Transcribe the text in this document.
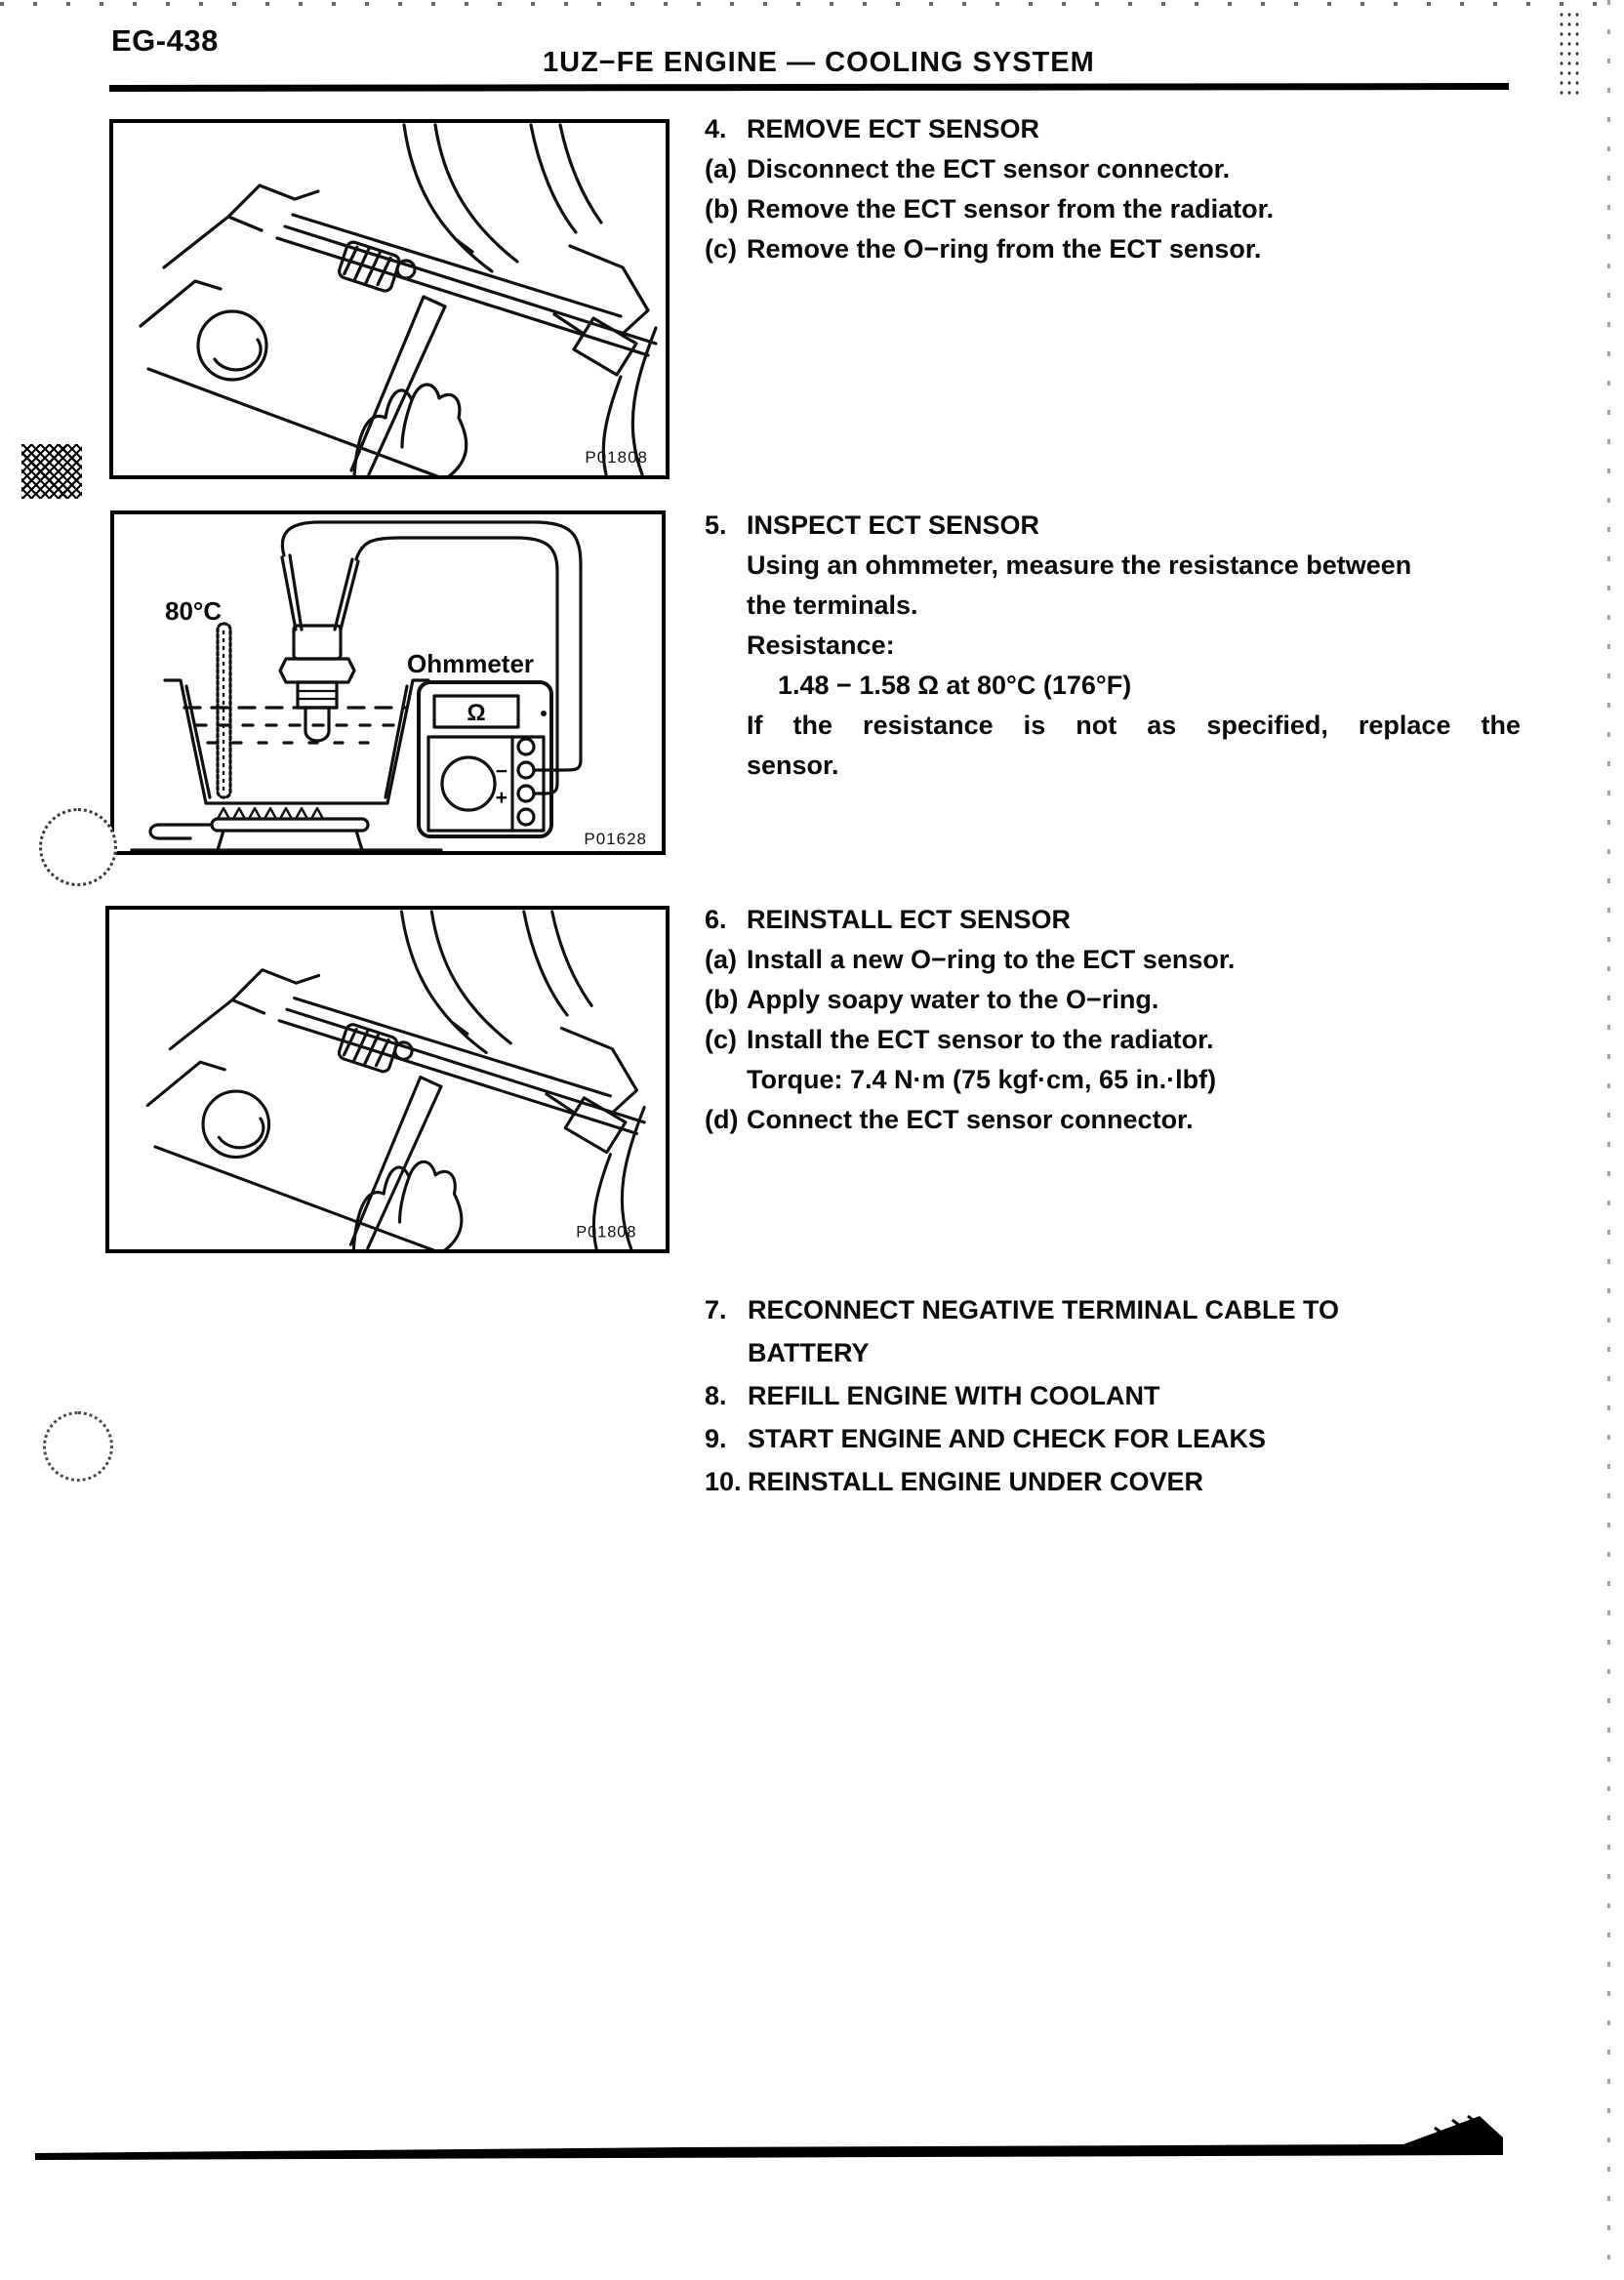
EG-438
1UZ−FE ENGINE — COOLING SYSTEM
P01808
80°C
Ohmmeter
Ω
−
+
P01628
P01808
4. REMOVE ECT SENSOR
(a) Disconnect the ECT sensor connector.
(b) Remove the ECT sensor from the radiator.
(c) Remove the O−ring from the ECT sensor.
5. INSPECT ECT SENSOR
Using an ohmmeter, measure the resistance between
the terminals.
Resistance:
1.48 − 1.58 Ω at 80°C (176°F)
If the resistance is not as specified, replace the
sensor.
6. REINSTALL ECT SENSOR
(a) Install a new O−ring to the ECT sensor.
(b) Apply soapy water to the O−ring.
(c) Install the ECT sensor to the radiator.
Torque: 7.4 N·m (75 kgf·cm, 65 in.·lbf)
(d) Connect the ECT sensor connector.
7. RECONNECT NEGATIVE TERMINAL CABLE TO BATTERY
8. REFILL ENGINE WITH COOLANT
9. START ENGINE AND CHECK FOR LEAKS
10. REINSTALL ENGINE UNDER COVER
